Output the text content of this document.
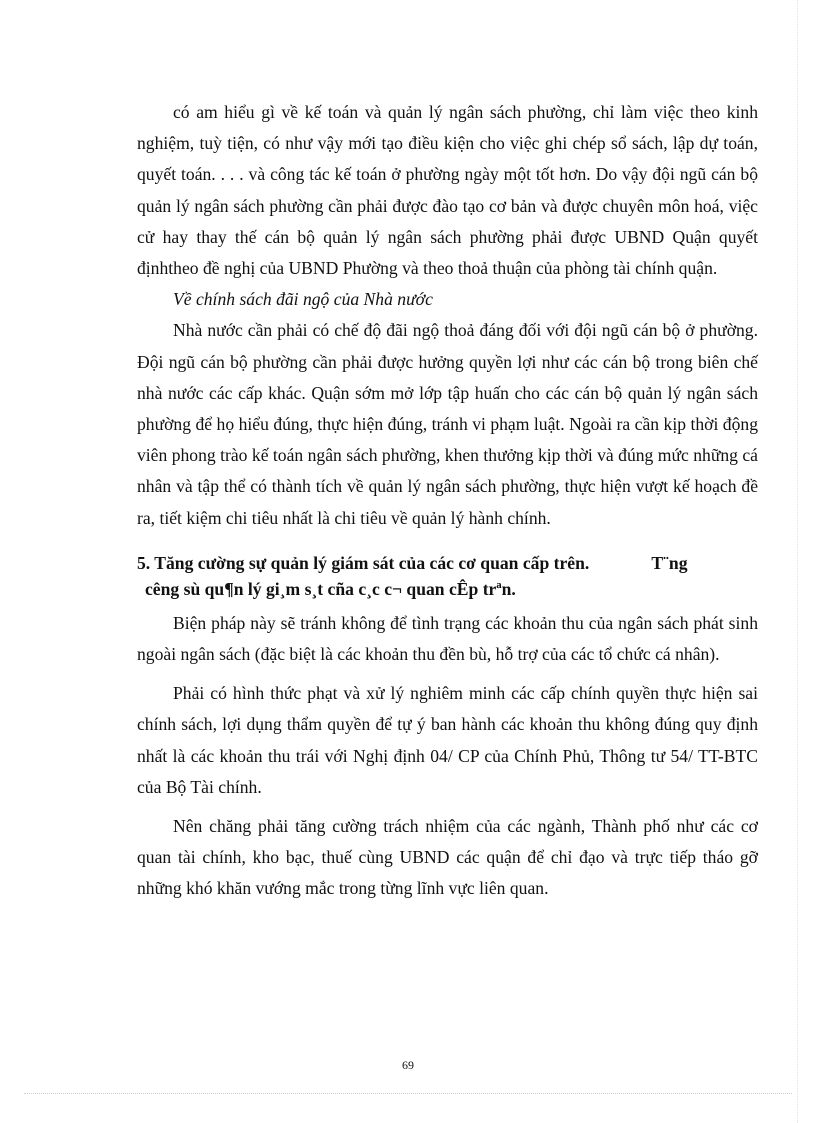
có am hiểu gì về kế toán và quản lý ngân sách phường, chỉ làm việc theo kinh nghiệm, tuỳ tiện, có như vậy mới tạo điều kiện cho việc ghi chép sổ sách, lập dự toán, quyết toán. . . . và công tác kế toán ở phường ngày một tốt hơn. Do vậy đội ngũ cán bộ quản lý ngân sách phường cần phải được đào tạo cơ bản và được chuyên môn hoá, việc cử hay thay thế cán bộ quản lý ngân sách phường phải được UBND Quận quyết địnhtheo đề nghị của UBND Phường và theo thoả thuận của phòng tài chính quận.

Về chính sách đãi ngộ của Nhà nước

Nhà nước cần phải có chế độ đãi ngộ thoả đáng đối với đội ngũ cán bộ ở phường. Đội ngũ cán bộ phường cần phải được hưởng quyền lợi như các cán bộ trong biên chế nhà nước các cấp khác. Quận sớm mở lớp tập huấn cho các cán bộ quản lý ngân sách phường để họ hiểu đúng, thực hiện đúng, tránh vi phạm luật. Ngoài ra cần kịp thời động viên phong trào kế toán ngân sách phường, khen thưởng kịp thời và đúng mức những cá nhân và tập thể có thành tích về quản lý ngân sách phường, thực hiện vượt kế hoạch đề ra, tiết kiệm chi tiêu nhất là chi tiêu về quản lý hành chính.

5. Tăng cường sự quản lý giám sát của các cơ quan cấp trên.	T¨ng
cêng sù qu¶n lý gi¸m s¸t cña c¸c c¬ quan cÊp trªn.

Biện pháp này sẽ tránh không để tình trạng các khoản thu của ngân sách phát sinh ngoài ngân sách (đặc biệt là các khoản thu đền bù, hỗ trợ của các tổ chức cá nhân).

Phải có hình thức phạt và xử lý nghiêm minh các cấp chính quyền thực hiện sai chính sách, lợi dụng thẩm quyền để tự ý ban hành các khoản thu không đúng quy định nhất là các khoản thu trái với Nghị định 04/ CP của Chính Phủ, Thông tư 54/ TT-BTC của Bộ Tài chính.

Nên chăng phải tăng cường trách nhiệm của các ngành, Thành phố như các cơ quan tài chính, kho bạc, thuế cùng UBND các quận để chỉ đạo và trực tiếp tháo gỡ những khó khăn vướng mắc trong từng lĩnh vực liên quan.

69
